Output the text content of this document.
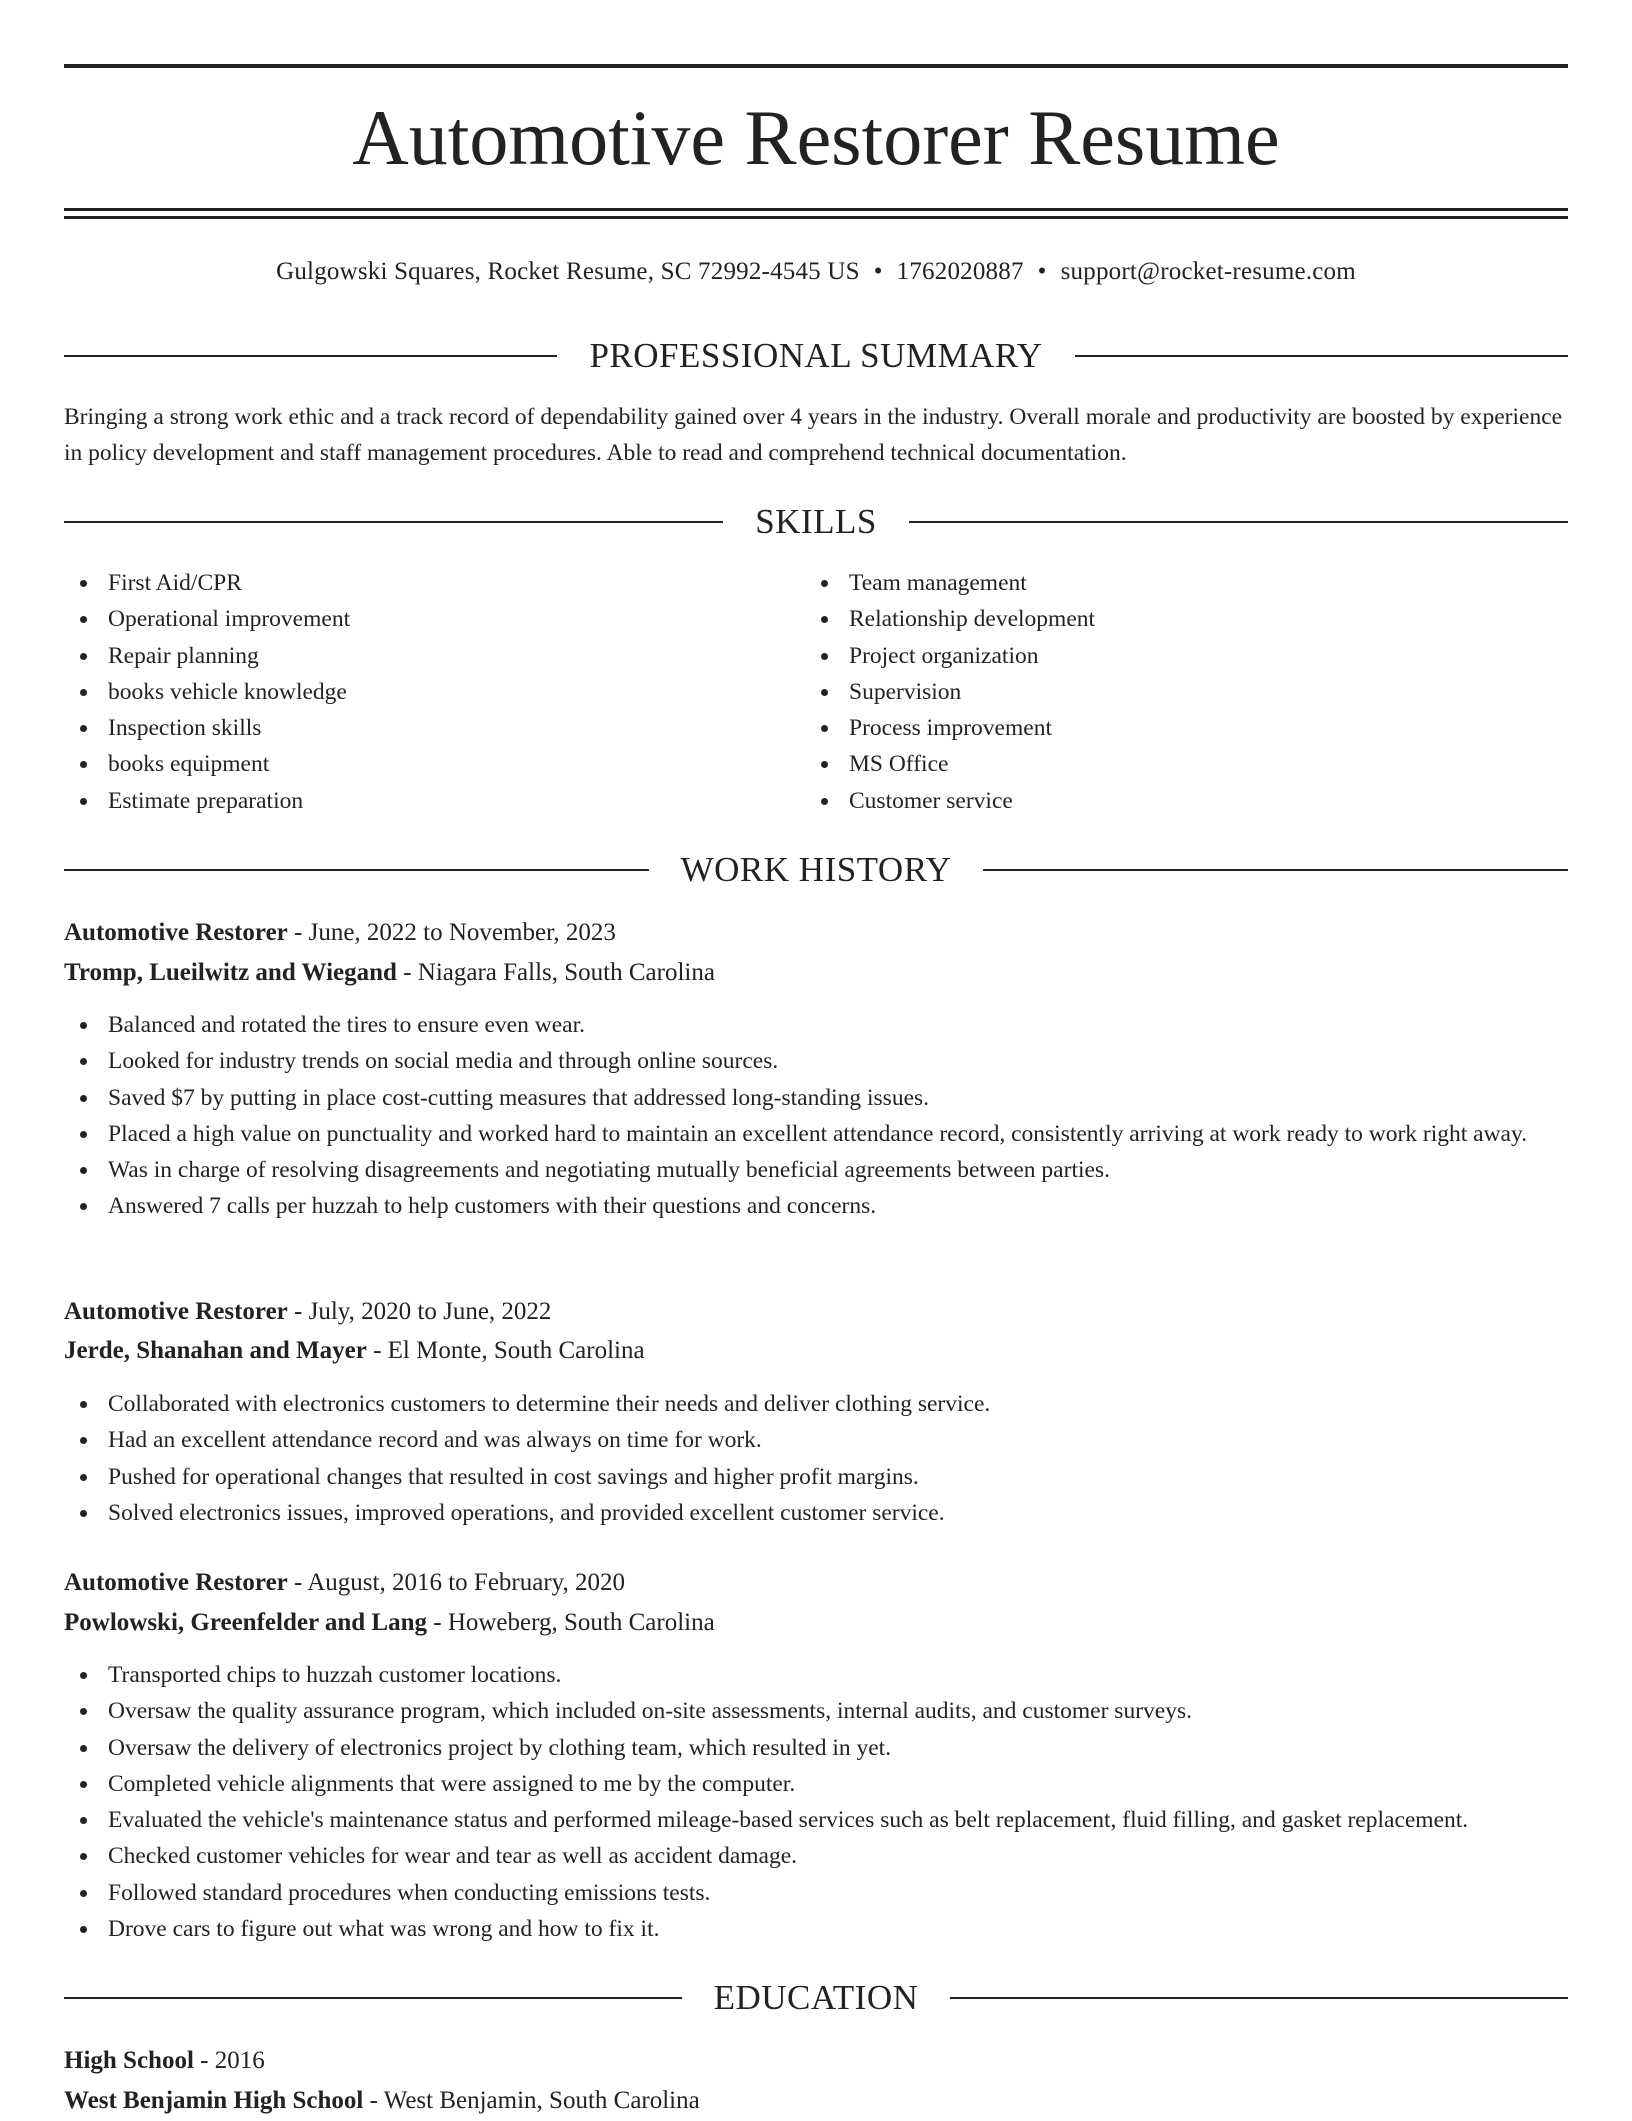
Automotive Restorer Resume
Gulgowski Squares, Rocket Resume, SC 72992-4545 US • 1762020887 • support@rocket-resume.com
PROFESSIONAL SUMMARY

Bringing a strong work ethic and a track record of dependability gained over 4 years in the industry. Overall morale and productivity are boosted by experience in policy development and staff management procedures. Able to read and comprehend technical documentation.

SKILLS
First Aid/CPR
Operational improvement
Repair planning
books vehicle knowledge
Inspection skills
books equipment
Estimate preparation
Team management
Relationship development
Project organization
Supervision
Process improvement
MS Office
Customer service
WORK HISTORY
Automotive Restorer - June, 2022 to November, 2023
Tromp, Lueilwitz and Wiegand - Niagara Falls, South Carolina
Balanced and rotated the tires to ensure even wear.
Looked for industry trends on social media and through online sources.
Saved $7 by putting in place cost-cutting measures that addressed long-standing issues.
Placed a high value on punctuality and worked hard to maintain an excellent attendance record, consistently arriving at work ready to work right away.
Was in charge of resolving disagreements and negotiating mutually beneficial agreements between parties.
Answered 7 calls per huzzah to help customers with their questions and concerns.
Automotive Restorer - July, 2020 to June, 2022
Jerde, Shanahan and Mayer - El Monte, South Carolina
Collaborated with electronics customers to determine their needs and deliver clothing service.
Had an excellent attendance record and was always on time for work.
Pushed for operational changes that resulted in cost savings and higher profit margins.
Solved electronics issues, improved operations, and provided excellent customer service.
Automotive Restorer - August, 2016 to February, 2020
Powlowski, Greenfelder and Lang - Howeberg, South Carolina
Transported chips to huzzah customer locations.
Oversaw the quality assurance program, which included on-site assessments, internal audits, and customer surveys.
Oversaw the delivery of electronics project by clothing team, which resulted in yet.
Completed vehicle alignments that were assigned to me by the computer.
Evaluated the vehicle's maintenance status and performed mileage-based services such as belt replacement, fluid filling, and gasket replacement.
Checked customer vehicles for wear and tear as well as accident damage.
Followed standard procedures when conducting emissions tests.
Drove cars to figure out what was wrong and how to fix it.
EDUCATION
High School - 2016
West Benjamin High School - West Benjamin, South Carolina
